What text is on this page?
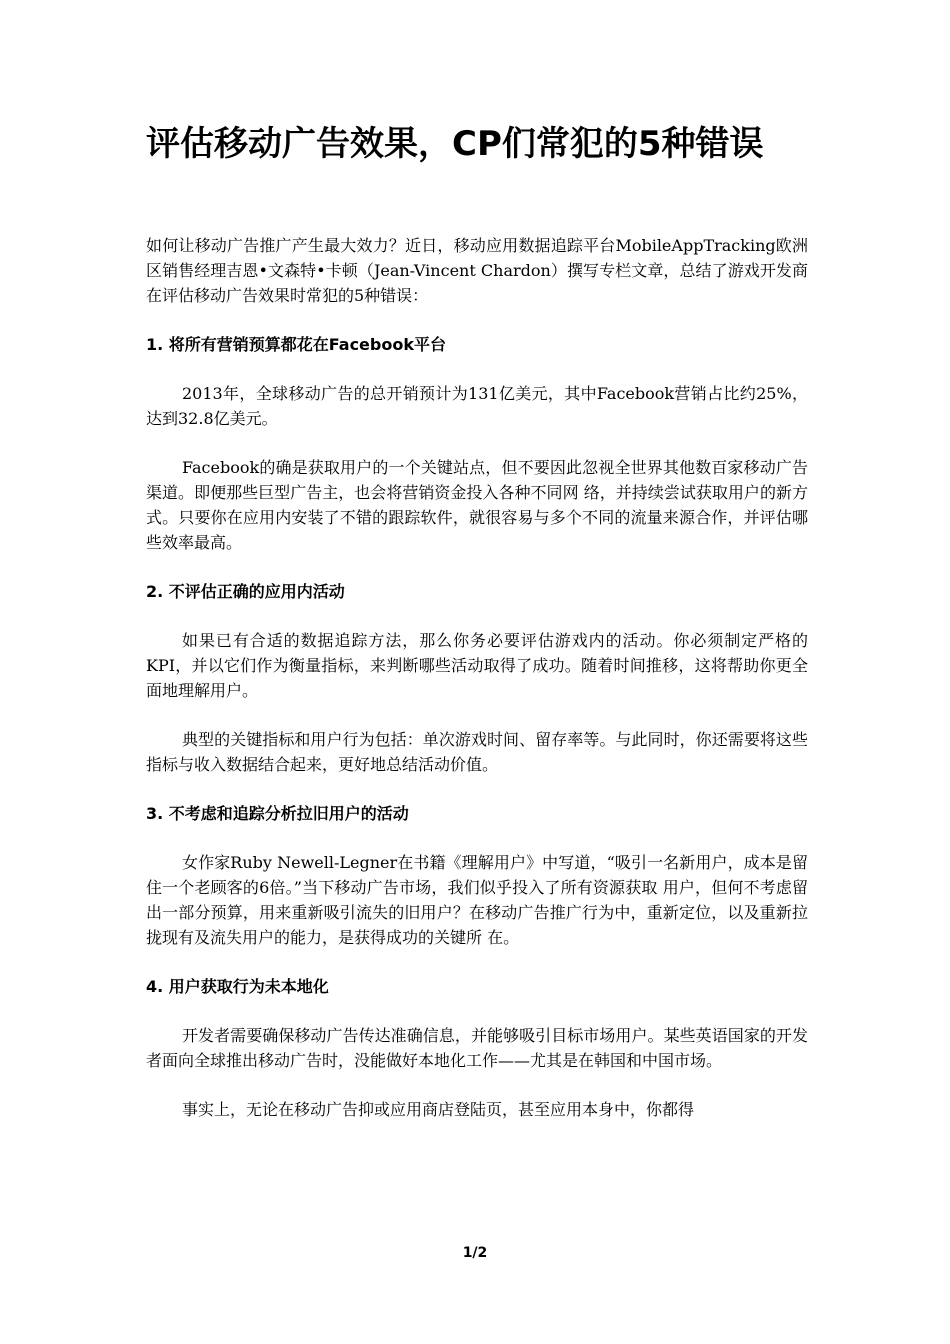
评估移动广告效果，CP们常犯的5种错误

如何让移动广告推广产生最大效力？近日，移动应用数据追踪平台MobileAppTracking欧洲区销售经理吉恩•文森特•卡顿（Jean-Vincent Chardon）撰写专栏文章，总结了游戏开发商在评估移动广告效果时常犯的5种错误：

1. 将所有营销预算都花在Facebook平台

2013年，全球移动广告的总开销预计为131亿美元，其中Facebook营销占比约25%，达到32.8亿美元。

Facebook的确是获取用户的一个关键站点，但不要因此忽视全世界其他数百家移动广告渠道。即便那些巨型广告主，也会将营销资金投入各种不同网 络，并持续尝试获取用户的新方式。只要你在应用内安装了不错的跟踪软件，就很容易与多个不同的流量来源合作，并评估哪些效率最高。

2. 不评估正确的应用内活动

如果已有合适的数据追踪方法，那么你务必要评估游戏内的活动。你必须制定严格的KPI，并以它们作为衡量指标，来判断哪些活动取得了成功。随着时间推移，这将帮助你更全面地理解用户。

典型的关键指标和用户行为包括：单次游戏时间、留存率等。与此同时，你还需要将这些指标与收入数据结合起来，更好地总结活动价值。

3. 不考虑和追踪分析拉旧用户的活动

女作家Ruby Newell-Legner在书籍《理解用户》中写道，“吸引一名新用户，成本是留住一个老顾客的6倍。”当下移动广告市场，我们似乎投入了所有资源获取 用户，但何不考虑留出一部分预算，用来重新吸引流失的旧用户？在移动广告推广行为中，重新定位，以及重新拉拢现有及流失用户的能力，是获得成功的关键所 在。

4. 用户获取行为未本地化

开发者需要确保移动广告传达准确信息，并能够吸引目标市场用户。某些英语国家的开发者面向全球推出移动广告时，没能做好本地化工作——尤其是在韩国和中国市场。

事实上，无论在移动广告抑或应用商店登陆页，甚至应用本身中，你都得

1/2
